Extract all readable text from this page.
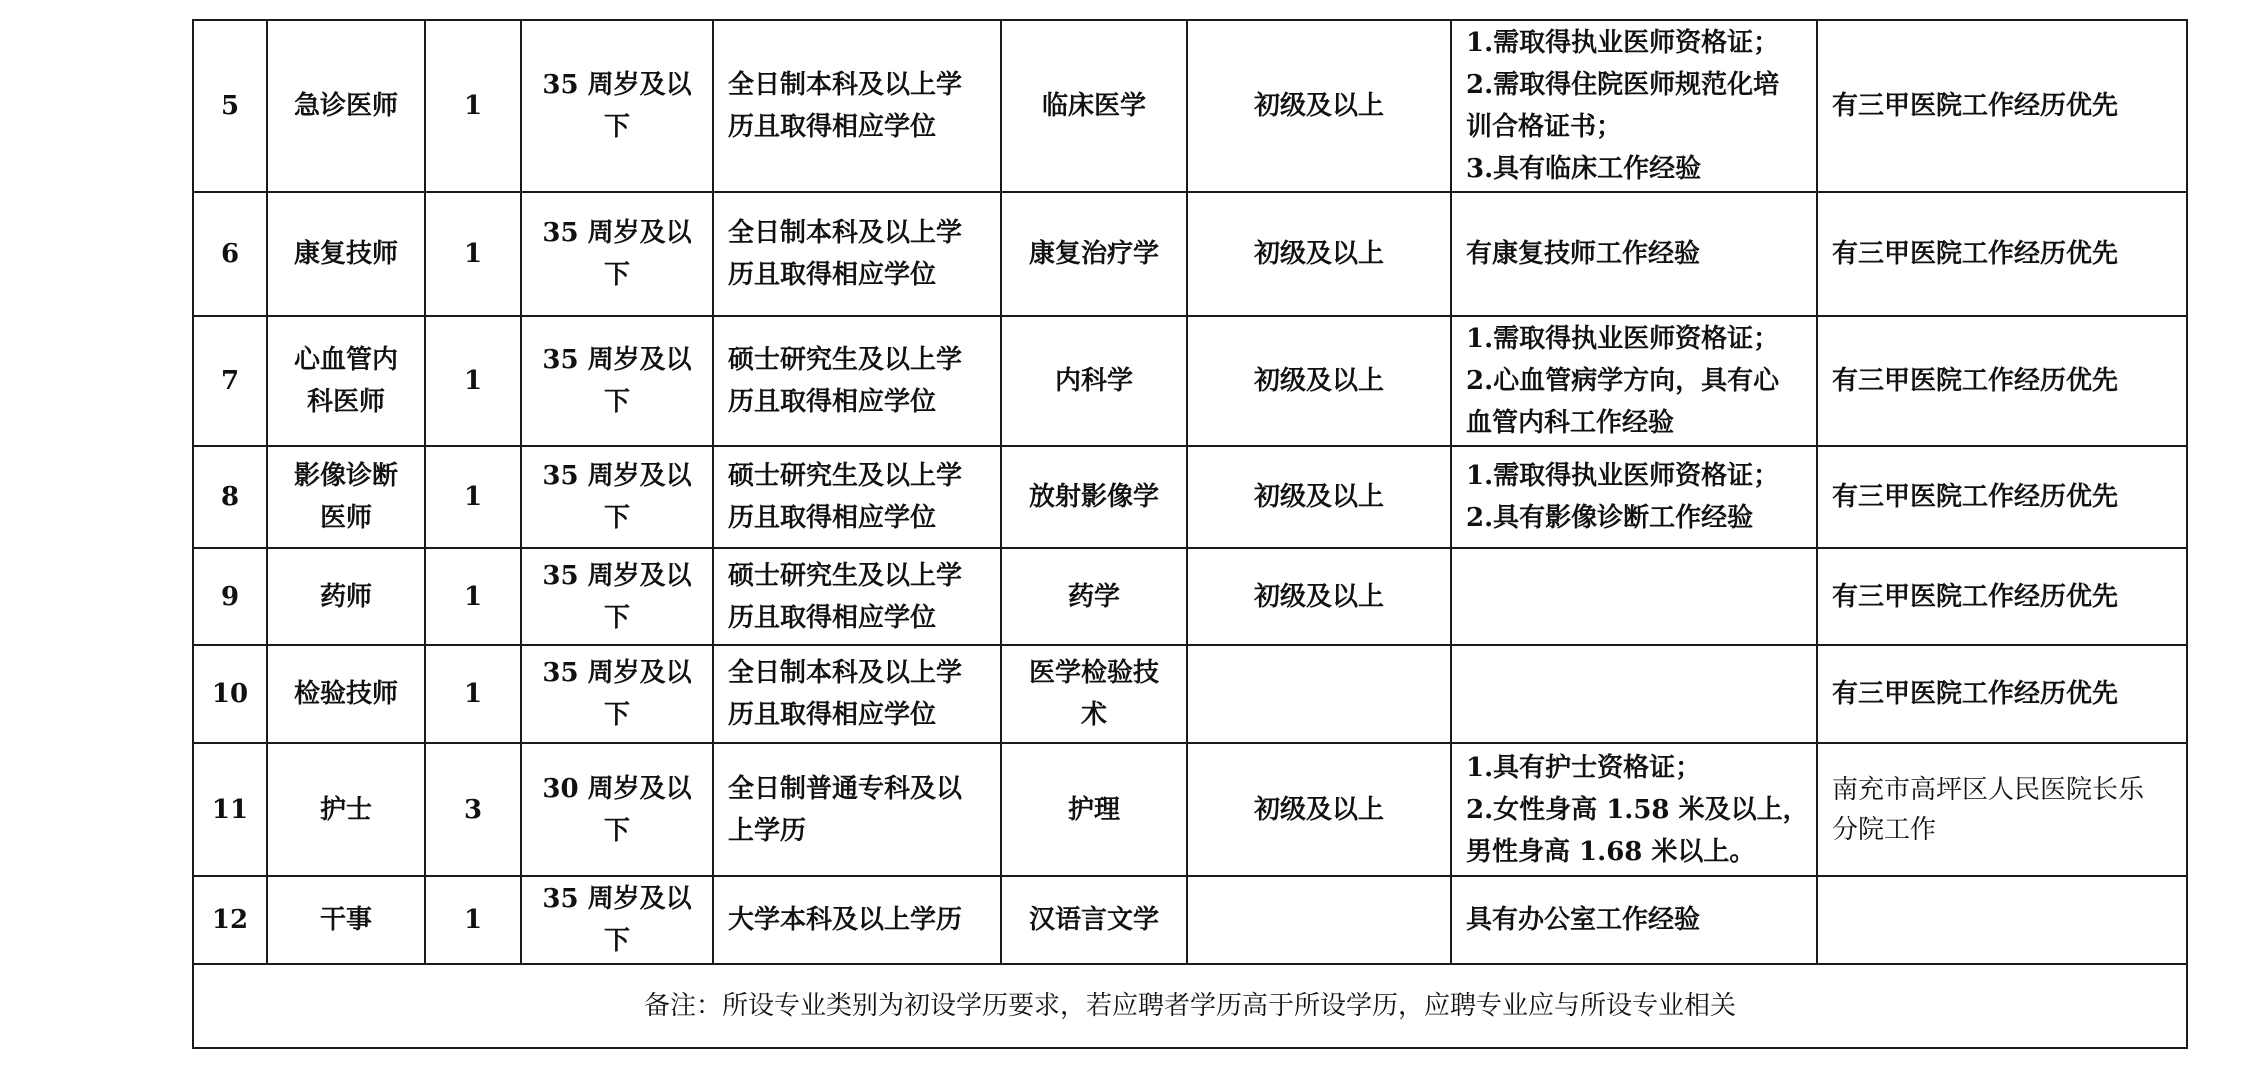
5	急诊医师	1	35 周岁及以
下	全日制本科及以上学
历且取得相应学位	临床医学	初级及以上	1.需取得执业医师资格证；
2.需取得住院医师规范化培
训合格证书；
3.具有临床工作经验	有三甲医院工作经历优先

6	康复技师	1	35 周岁及以
下	全日制本科及以上学
历且取得相应学位	康复治疗学	初级及以上	有康复技师工作经验	有三甲医院工作经历优先

7	心血管内
科医师	1	35 周岁及以
下	硕士研究生及以上学
历且取得相应学位	内科学	初级及以上	1.需取得执业医师资格证；
2.心血管病学方向，具有心
血管内科工作经验	有三甲医院工作经历优先

8	影像诊断
医师	1	35 周岁及以
下	硕士研究生及以上学
历且取得相应学位	放射影像学	初级及以上	1.需取得执业医师资格证；
2.具有影像诊断工作经验	有三甲医院工作经历优先

9	药师	1	35 周岁及以
下	硕士研究生及以上学
历且取得相应学位	药学	初级及以上		有三甲医院工作经历优先

10	检验技师	1	35 周岁及以
下	全日制本科及以上学
历且取得相应学位	医学检验技
术			有三甲医院工作经历优先

11	护士	3	30 周岁及以
下	全日制普通专科及以
上学历	护理	初级及以上	1.具有护士资格证；
2.女性身高 1.58 米及以上，
男性身高 1.68 米以上。	南充市高坪区人民医院长乐
分院工作

12	干事	1	35 周岁及以
下	大学本科及以上学历	汉语言文学		具有办公室工作经验	

备注：所设专业类别为初设学历要求，若应聘者学历高于所设学历，应聘专业应与所设专业相关								
